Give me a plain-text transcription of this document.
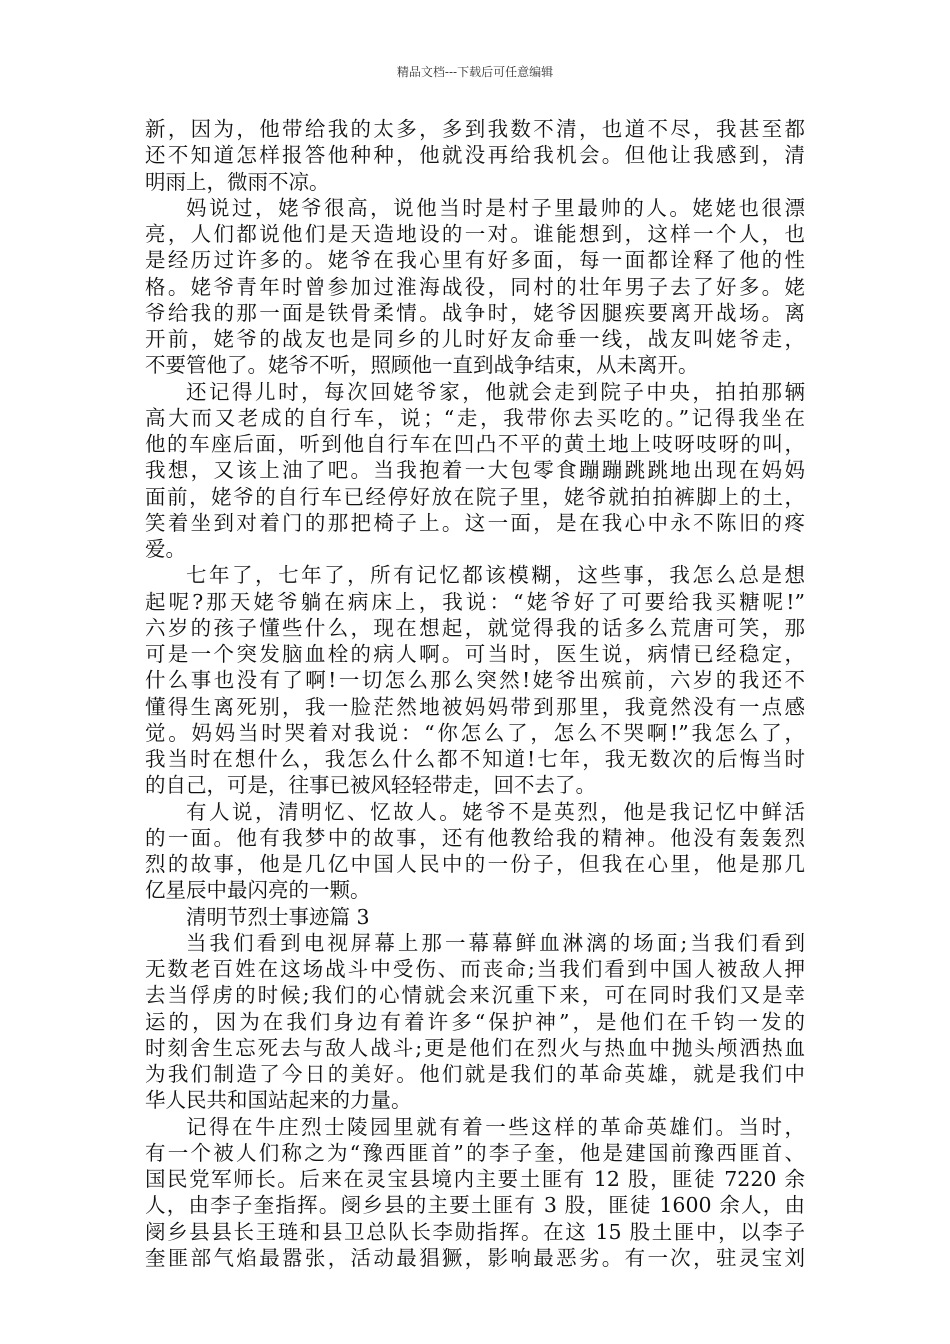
精品文档---下载后可任意编辑
新，因为，他带给我的太多，多到我数不清，也道不尽，我甚至都
还不知道怎样报答他种种，他就没再给我机会。但他让我感到，清
明雨上，微雨不凉。
妈说过，姥爷很高，说他当时是村子里最帅的人。姥姥也很漂
亮，人们都说他们是天造地设的一对。谁能想到，这样一个人，也
是经历过许多的。姥爷在我心里有好多面，每一面都诠释了他的性
格。姥爷青年时曾参加过淮海战役，同村的壮年男子去了好多。姥
爷给我的那一面是铁骨柔情。战争时，姥爷因腿疾要离开战场。离
开前，姥爷的战友也是同乡的儿时好友命垂一线，战友叫姥爷走，
不要管他了。姥爷不听，照顾他一直到战争结束，从未离开。
还记得儿时，每次回姥爷家，他就会走到院子中央，拍拍那辆
高大而又老成的自行车，说；“走，我带你去买吃的。”记得我坐在
他的车座后面，听到他自行车在凹凸不平的黄土地上吱呀吱呀的叫，
我想，又该上油了吧。当我抱着一大包零食蹦蹦跳跳地出现在妈妈
面前，姥爷的自行车已经停好放在院子里，姥爷就拍拍裤脚上的土，
笑着坐到对着门的那把椅子上。这一面，是在我心中永不陈旧的疼
爱。
七年了，七年了，所有记忆都该模糊，这些事，我怎么总是想
起呢?那天姥爷躺在病床上，我说：“姥爷好了可要给我买糖呢!”
六岁的孩子懂些什么，现在想起，就觉得我的话多么荒唐可笑，那
可是一个突发脑血栓的病人啊。可当时，医生说，病情已经稳定，
什么事也没有了啊!一切怎么那么突然!姥爷出殡前，六岁的我还不
懂得生离死别，我一脸茫然地被妈妈带到那里，我竟然没有一点感
觉。妈妈当时哭着对我说：“你怎么了，怎么不哭啊!”我怎么了，
我当时在想什么，我怎么什么都不知道!七年，我无数次的后悔当时
的自己，可是，往事已被风轻轻带走，回不去了。
有人说，清明忆、忆故人。姥爷不是英烈，他是我记忆中鲜活
的一面。他有我梦中的故事，还有他教给我的精神。他没有轰轰烈
烈的故事，他是几亿中国人民中的一份子，但我在心里，他是那几
亿星辰中最闪亮的一颗。
清明节烈士事迹篇 3
当我们看到电视屏幕上那一幕幕鲜血淋漓的场面;当我们看到
无数老百姓在这场战斗中受伤、而丧命;当我们看到中国人被敌人押
去当俘虏的时候;我们的心情就会来沉重下来，可在同时我们又是幸
运的，因为在我们身边有着许多“保护神”，是他们在千钧一发的
时刻舍生忘死去与敌人战斗;更是他们在烈火与热血中抛头颅洒热血
为我们制造了今日的美好。他们就是我们的革命英雄，就是我们中
华人民共和国站起来的力量。
记得在牛庄烈士陵园里就有着一些这样的革命英雄们。当时，
有一个被人们称之为“豫西匪首”的李子奎，他是建国前豫西匪首、
国民党军师长。后来在灵宝县境内主要土匪有 12 股，匪徒 7220 余
人，由李子奎指挥。阌乡县的主要土匪有 3 股，匪徒 1600 余人，由
阌乡县县长王琏和县卫总队长李勋指挥。在这 15 股土匪中，以李子
奎匪部气焰最嚣张，活动最猖獗，影响最恶劣。有一次，驻灵宝刘
